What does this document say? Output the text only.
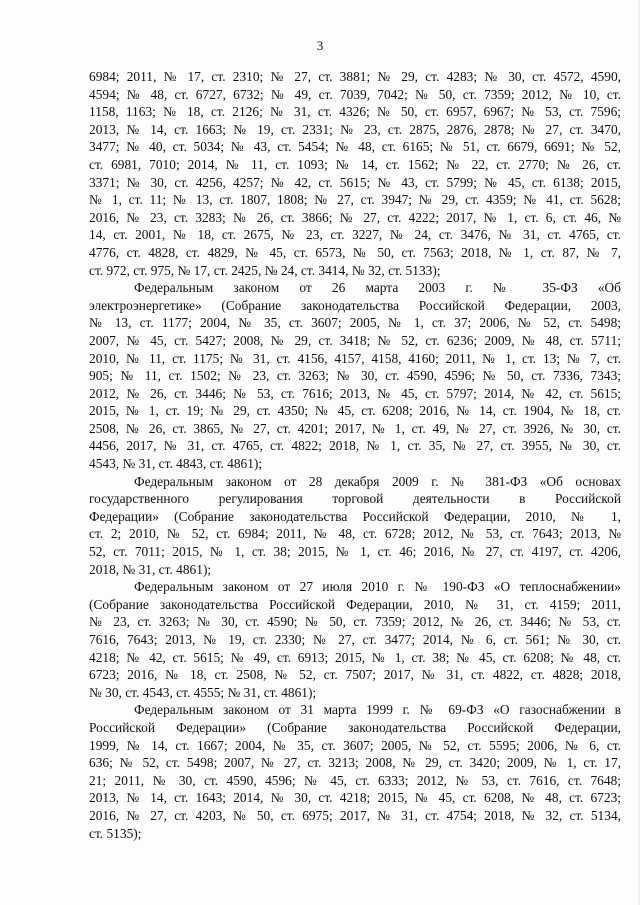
3
6984; 2011, № 17, ст. 2310; № 27, ст. 3881; № 29, ст. 4283; № 30, ст. 4572, 4590,
4594; № 48, ст. 6727, 6732; № 49, ст. 7039, 7042; № 50, ст. 7359; 2012, № 10, ст.
1158, 1163; № 18, ст. 2126; № 31, ст. 4326; № 50, ст. 6957, 6967; № 53, ст. 7596;
2013, № 14, ст. 1663; № 19, ст. 2331; № 23, ст. 2875, 2876, 2878; № 27, ст. 3470,
3477; № 40, ст. 5034; № 43, ст. 5454; № 48, ст. 6165; № 51, ст. 6679, 6691; № 52,
ст. 6981, 7010; 2014, № 11, ст. 1093; № 14, ст. 1562; № 22, ст. 2770; № 26, ст.
3371; № 30, ст. 4256, 4257; № 42, ст. 5615; № 43, ст. 5799; № 45, ст. 6138; 2015,
№ 1, ст. 11; № 13, ст. 1807, 1808; № 27, ст. 3947; № 29, ст. 4359; № 41, ст. 5628;
2016, № 23, ст. 3283; № 26, ст. 3866; № 27, ст. 4222; 2017, № 1, ст. 6, ст. 46, №
14, ст. 2001, № 18, ст. 2675, № 23, ст. 3227, № 24, ст. 3476, № 31, ст. 4765, ст.
4776, ст. 4828, ст. 4829, № 45, ст. 6573, № 50, ст. 7563; 2018, № 1, ст. 87, № 7,
ст. 972, ст. 975, № 17, ст. 2425, № 24, ст. 3414, № 32, ст. 5133);
Федеральным законом от 26 марта 2003 г. № 35-ФЗ «Об
электроэнергетике» (Собрание законодательства Российской Федерации, 2003,
№ 13, ст. 1177; 2004, № 35, ст. 3607; 2005, № 1, ст. 37; 2006, № 52, ст. 5498;
2007, № 45, ст. 5427; 2008, № 29, ст. 3418; № 52, ст. 6236; 2009, № 48, ст. 5711;
2010, № 11, ст. 1175; № 31, ст. 4156, 4157, 4158, 4160; 2011, № 1, ст. 13; № 7, ст.
905; № 11, ст. 1502; № 23, ст. 3263; № 30, ст. 4590, 4596; № 50, ст. 7336, 7343;
2012, № 26, ст. 3446; № 53, ст. 7616; 2013, № 45, ст. 5797; 2014, № 42, ст. 5615;
2015, № 1, ст. 19; № 29, ст. 4350; № 45, ст. 6208; 2016, № 14, ст. 1904, № 18, ст.
2508, № 26, ст. 3865, № 27, ст. 4201; 2017, № 1, ст. 49, № 27, ст. 3926, № 30, ст.
4456, 2017, № 31, ст. 4765, ст. 4822; 2018, № 1, ст. 35, № 27, ст. 3955, № 30, ст.
4543, № 31, ст. 4843, ст. 4861);
Федеральным законом от 28 декабря 2009 г. № 381-ФЗ «Об основах
государственного регулирования торговой деятельности в Российской
Федерации» (Собрание законодательства Российской Федерации, 2010, № 1,
ст. 2; 2010, № 52, ст. 6984; 2011, № 48, ст. 6728; 2012, № 53, ст. 7643; 2013, №
52, ст. 7011; 2015, № 1, ст. 38; 2015, № 1, ст. 46; 2016, № 27, ст. 4197, ст. 4206,
2018, № 31, ст. 4861);
Федеральным законом от 27 июля 2010 г. № 190-ФЗ «О теплоснабжении»
(Собрание законодательства Российской Федерации, 2010, № 31, ст. 4159; 2011,
№ 23, ст. 3263; № 30, ст. 4590; № 50, ст. 7359; 2012, № 26, ст. 3446; № 53, ст.
7616, 7643; 2013, № 19, ст. 2330; № 27, ст. 3477; 2014, № 6, ст. 561; № 30, ст.
4218; № 42, ст. 5615; № 49, ст. 6913; 2015, № 1, ст. 38; № 45, ст. 6208; № 48, ст.
6723; 2016, № 18, ст. 2508, № 52, ст. 7507; 2017, № 31, ст. 4822, ст. 4828; 2018,
№ 30, ст. 4543, ст. 4555; № 31, ст. 4861);
Федеральным законом от 31 марта 1999 г. № 69-ФЗ «О газоснабжении в
Российской Федерации» (Собрание законодательства Российской Федерации,
1999, № 14, ст. 1667; 2004, № 35, ст. 3607; 2005, № 52, ст. 5595; 2006, № 6, ст.
636; № 52, ст. 5498; 2007, № 27, ст. 3213; 2008, № 29, ст. 3420; 2009, № 1, ст. 17,
21; 2011, № 30, ст. 4590, 4596; № 45, ст. 6333; 2012, № 53, ст. 7616, ст. 7648;
2013, № 14, ст. 1643; 2014, № 30, ст. 4218; 2015, № 45, ст. 6208, № 48, ст. 6723;
2016, № 27, ст. 4203, № 50, ст. 6975; 2017, № 31, ст. 4754; 2018, № 32, ст. 5134,
ст. 5135);
